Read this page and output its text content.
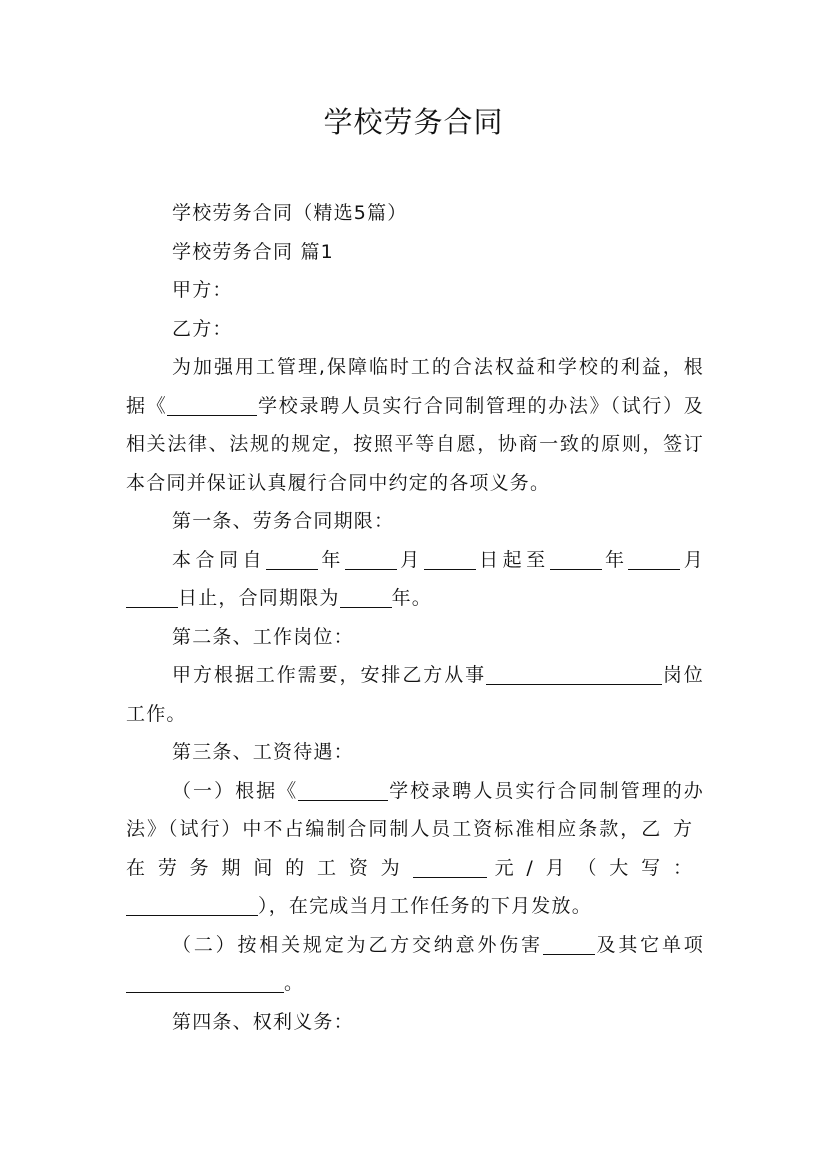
学校劳务合同

学校劳务合同（精选5篇）

学校劳务合同 篇1

甲方：

乙方：

为加强用工管理,保障临时工的合法权益和学校的利益，根据《	学校录聘人员实行合同制管理的办法》（试行）及相关法律、法规的规定，按照平等自愿，协商一致的原则，签订本合同并保证认真履行合同中约定的各项义务。

第一条、劳务合同期限：

本合同自	年	月	日起至	年	月日止，合同期限为	年。

第二条、工作岗位：

甲方根据工作需要，安排乙方从事	岗位工作。

第三条、工资待遇：

（一）根据《	学校录聘人员实行合同制管理的办法》（试行）中不占编制合同制人员工资标准相应条款，乙方在劳务期间的工资为	元/月（大写：），在完成当月工作任务的下月发放。

（二）按相关规定为乙方交纳意外伤害	及其它单项。

第四条、权利义务：
